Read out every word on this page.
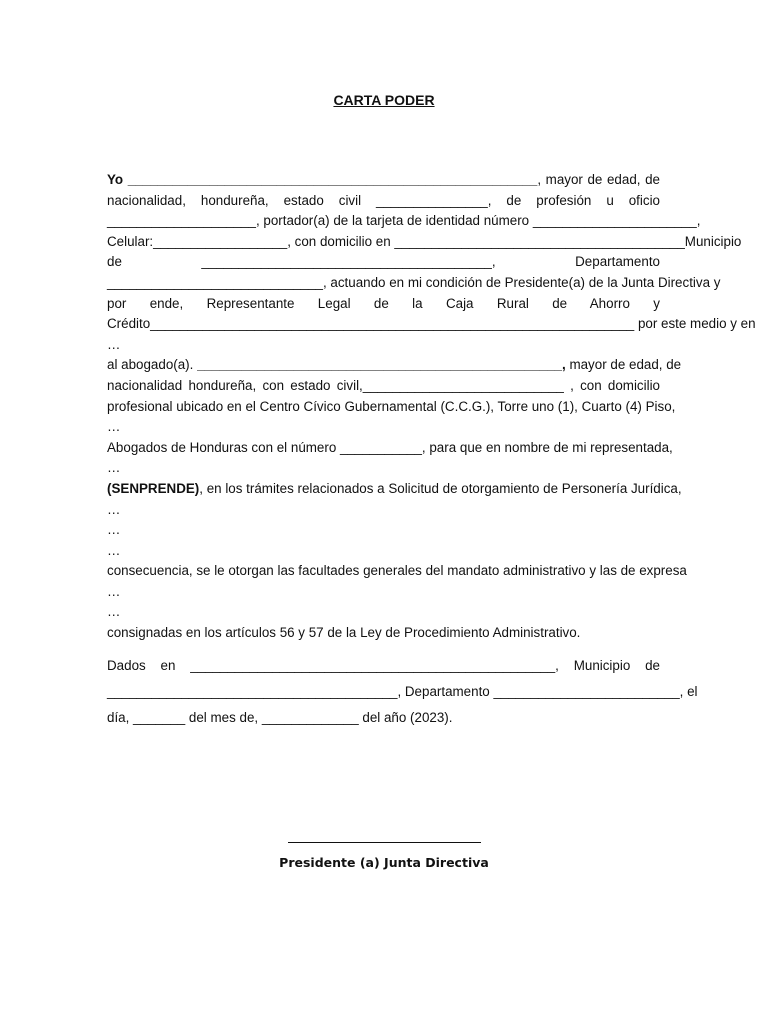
CARTA PODER
Yo _______________________________________________________, mayor de edad, de
nacionalidad, hondureña, estado civil _______________, de profesión u oficio
____________________, portador(a) de la tarjeta de identidad número ______________________,
Celular:__________________, con domicilio en _______________________________________Municipio
de _______________________________________, Departamento
_____________________________, actuando en mi condición de Presidente(a) de la Junta Directiva y
por ende, Representante Legal de la Caja Rural de Ahorro y
Crédito_________________________________________________________________ por este medio y en
…
al abogado(a). _________________________________________________, mayor de edad, de
nacionalidad hondureña, con estado civil,___________________________ , con domicilio
profesional ubicado en el Centro Cívico Gubernamental (C.C.G.), Torre uno (1), Cuarto (4) Piso,
…
Abogados de Honduras con el número ___________, para que en nombre de mi representada,
…
(SENPRENDE), en los trámites relacionados a Solicitud de otorgamiento de Personería Jurídica,
…
…
…
consecuencia, se le otorgan las facultades generales del mandato administrativo y las de expresa
…
…
consignadas en los artículos 56 y 57 de la Ley de Procedimiento Administrativo.
Dados en _________________________________________________, Municipio de
_______________________________________, Departamento _________________________, el
día, _______ del mes de, _____________ del año (2023).
Presidente (a) Junta Directiva
